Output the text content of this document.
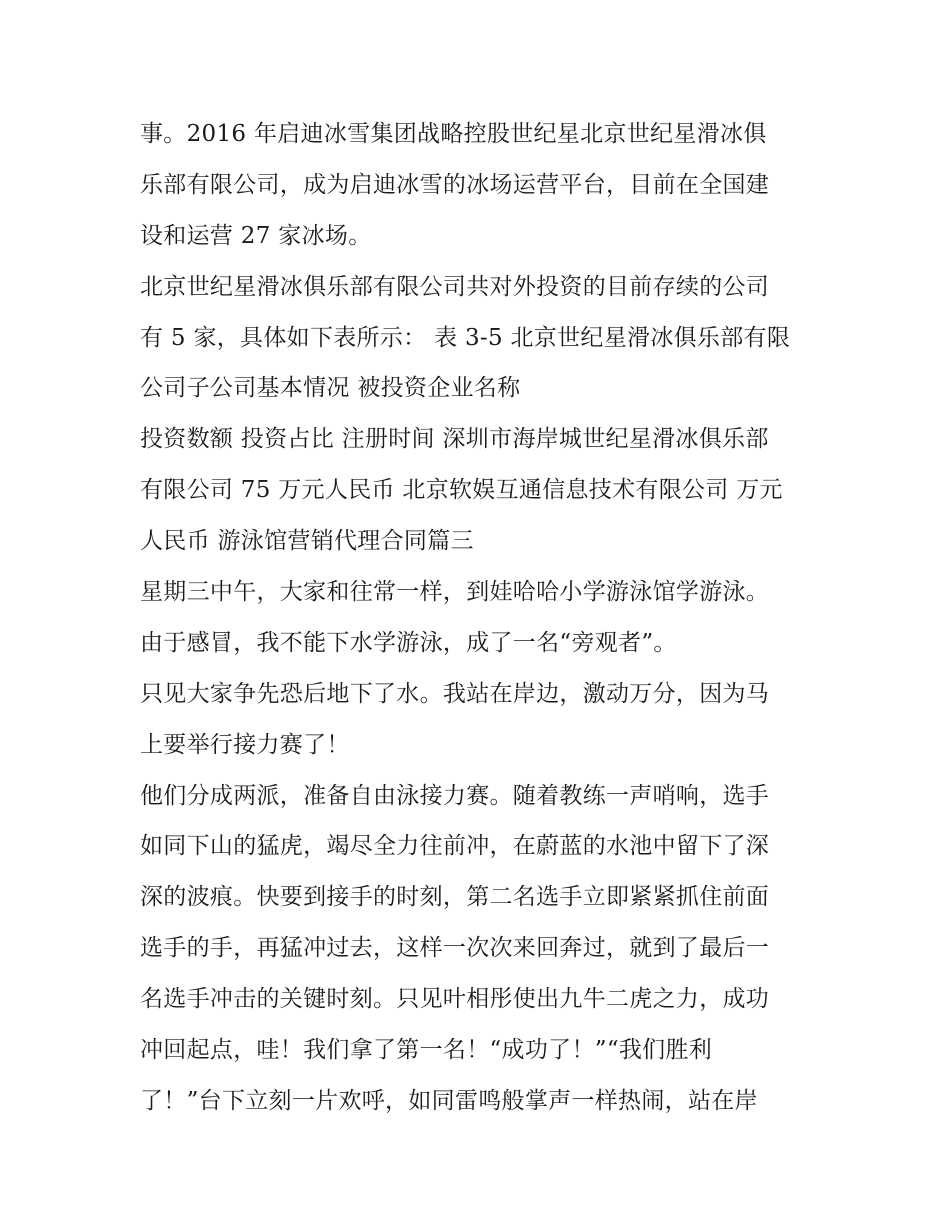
事。2016 年启迪冰雪集团战略控股世纪星北京世纪星滑冰俱
乐部有限公司，成为启迪冰雪的冰场运营平台，目前在全国建
设和运营 27 家冰场。
北京世纪星滑冰俱乐部有限公司共对外投资的目前存续的公司
有 5 家，具体如下表所示： 表 3-5 北京世纪星滑冰俱乐部有限
公司子公司基本情况 被投资企业名称
投资数额 投资占比 注册时间 深圳市海岸城世纪星滑冰俱乐部
有限公司 75 万元人民币 北京软娱互通信息技术有限公司 万元
人民币 游泳馆营销代理合同篇三
星期三中午，大家和往常一样，到娃哈哈小学游泳馆学游泳。
由于感冒，我不能下水学游泳，成了一名“旁观者”。
只见大家争先恐后地下了水。我站在岸边，激动万分，因为马
上要举行接力赛了！
他们分成两派，准备自由泳接力赛。随着教练一声哨响，选手
如同下山的猛虎，竭尽全力往前冲，在蔚蓝的水池中留下了深
深的波痕。快要到接手的时刻，第二名选手立即紧紧抓住前面
选手的手，再猛冲过去，这样一次次来回奔过，就到了最后一
名选手冲击的关键时刻。只见叶相彤使出九牛二虎之力，成功
冲回起点，哇！我们拿了第一名！“成功了！”“我们胜利
了！”台下立刻一片欢呼，如同雷鸣般掌声一样热闹，站在岸
